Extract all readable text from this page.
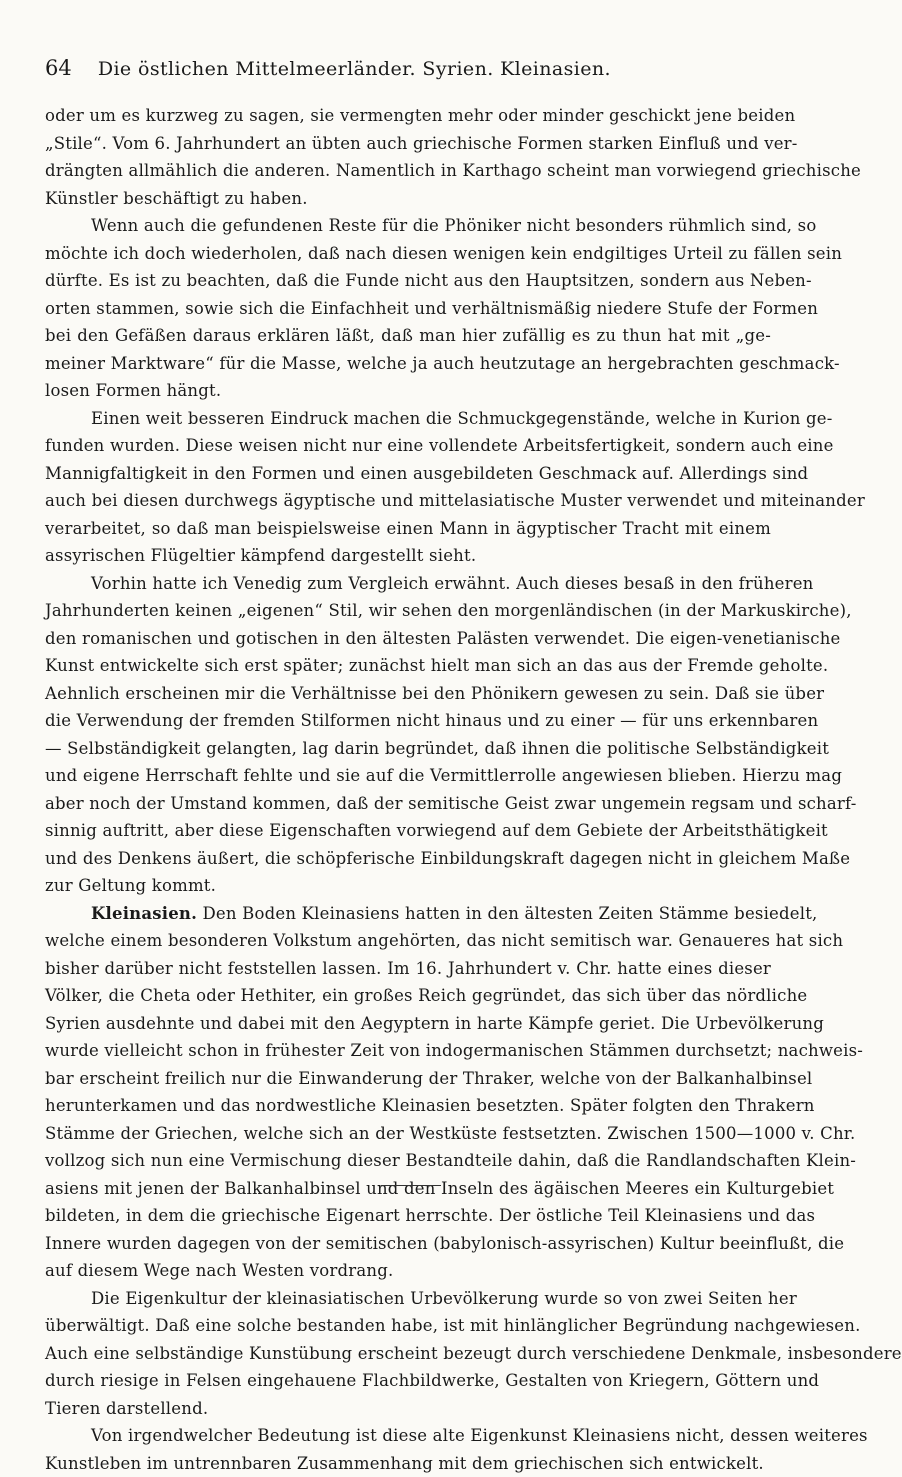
64 Die östlichen Mittelmeerländer. Syrien. Kleinasien.
oder um es kurzweg zu sagen, sie vermengten mehr oder minder geschickt jene beiden
„Stile“. Vom 6. Jahrhundert an übten auch griechische Formen starken Einfluß und ver-
drängten allmählich die anderen. Namentlich in Karthago scheint man vorwiegend griechische
Künstler beschäftigt zu haben.
Wenn auch die gefundenen Reste für die Phöniker nicht besonders rühmlich sind, so
möchte ich doch wiederholen, daß nach diesen wenigen kein endgiltiges Urteil zu fällen sein
dürfte. Es ist zu beachten, daß die Funde nicht aus den Hauptsitzen, sondern aus Neben-
orten stammen, sowie sich die Einfachheit und verhältnismäßig niedere Stufe der Formen
bei den Gefäßen daraus erklären läßt, daß man hier zufällig es zu thun hat mit „ge-
meiner Marktware“ für die Masse, welche ja auch heutzutage an hergebrachten geschmack-
losen Formen hängt.
Einen weit besseren Eindruck machen die Schmuckgegenstände, welche in Kurion ge-
funden wurden. Diese weisen nicht nur eine vollendete Arbeitsfertigkeit, sondern auch eine
Mannigfaltigkeit in den Formen und einen ausgebildeten Geschmack auf. Allerdings sind
auch bei diesen durchwegs ägyptische und mittelasiatische Muster verwendet und miteinander
verarbeitet, so daß man beispielsweise einen Mann in ägyptischer Tracht mit einem
assyrischen Flügeltier kämpfend dargestellt sieht.
Vorhin hatte ich Venedig zum Vergleich erwähnt. Auch dieses besaß in den früheren
Jahrhunderten keinen „eigenen“ Stil, wir sehen den morgenländischen (in der Markuskirche),
den romanischen und gotischen in den ältesten Palästen verwendet. Die eigen-venetianische
Kunst entwickelte sich erst später; zunächst hielt man sich an das aus der Fremde geholte.
Aehnlich erscheinen mir die Verhältnisse bei den Phönikern gewesen zu sein. Daß sie über
die Verwendung der fremden Stilformen nicht hinaus und zu einer — für uns erkennbaren
— Selbständigkeit gelangten, lag darin begründet, daß ihnen die politische Selbständigkeit
und eigene Herrschaft fehlte und sie auf die Vermittlerrolle angewiesen blieben. Hierzu mag
aber noch der Umstand kommen, daß der semitische Geist zwar ungemein regsam und scharf-
sinnig auftritt, aber diese Eigenschaften vorwiegend auf dem Gebiete der Arbeitsthätigkeit
und des Denkens äußert, die schöpferische Einbildungskraft dagegen nicht in gleichem Maße
zur Geltung kommt.
Kleinasien. Den Boden Kleinasiens hatten in den ältesten Zeiten Stämme besiedelt,
welche einem besonderen Volkstum angehörten, das nicht semitisch war. Genaueres hat sich
bisher darüber nicht feststellen lassen. Im 16. Jahrhundert v. Chr. hatte eines dieser
Völker, die Cheta oder Hethiter, ein großes Reich gegründet, das sich über das nördliche
Syrien ausdehnte und dabei mit den Aegyptern in harte Kämpfe geriet. Die Urbevölkerung
wurde vielleicht schon in frühester Zeit von indogermanischen Stämmen durchsetzt; nachweis-
bar erscheint freilich nur die Einwanderung der Thraker, welche von der Balkanhalbinsel
herunterkamen und das nordwestliche Kleinasien besetzten. Später folgten den Thrakern
Stämme der Griechen, welche sich an der Westküste festsetzten. Zwischen 1500—1000 v. Chr.
vollzog sich nun eine Vermischung dieser Bestandteile dahin, daß die Randlandschaften Klein-
asiens mit jenen der Balkanhalbinsel und den Inseln des ägäischen Meeres ein Kulturgebiet
bildeten, in dem die griechische Eigenart herrschte. Der östliche Teil Kleinasiens und das
Innere wurden dagegen von der semitischen (babylonisch-assyrischen) Kultur beeinflußt, die
auf diesem Wege nach Westen vordrang.
Die Eigenkultur der kleinasiatischen Urbevölkerung wurde so von zwei Seiten her
überwältigt. Daß eine solche bestanden habe, ist mit hinlänglicher Begründung nachgewiesen.
Auch eine selbständige Kunstübung erscheint bezeugt durch verschiedene Denkmale, insbesondere
durch riesige in Felsen eingehauene Flachbildwerke, Gestalten von Kriegern, Göttern und
Tieren darstellend.
Von irgendwelcher Bedeutung ist diese alte Eigenkunst Kleinasiens nicht, dessen weiteres
Kunstleben im untrennbaren Zusammenhang mit dem griechischen sich entwickelt.
